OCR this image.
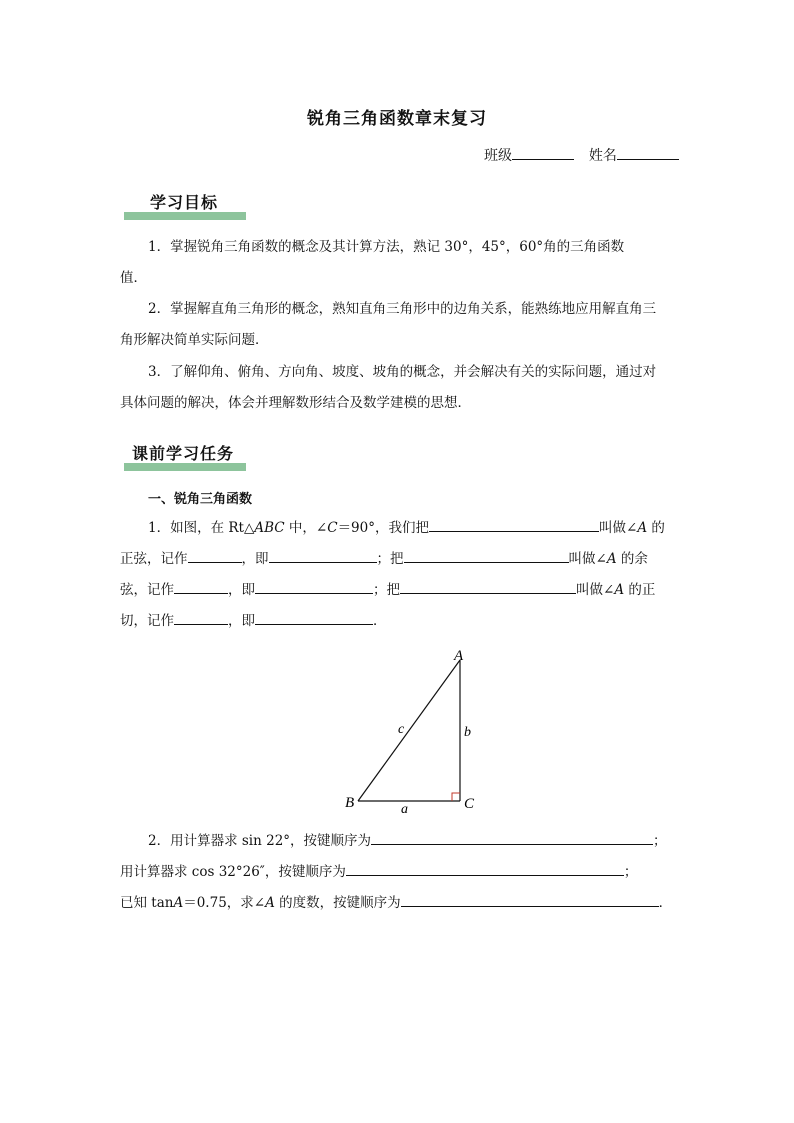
锐角三角函数章末复习
班级	姓名
学习目标
1．掌握锐角三角函数的概念及其计算方法，熟记 30°，45°，60°角的三角函数
值．
2．掌握解直角三角形的概念，熟知直角三角形中的边角关系，能熟练地应用解直角三
角形解决简单实际问题．
3．了解仰角、俯角、方向角、坡度、坡角的概念，并会解决有关的实际问题，通过对
具体问题的解决，体会并理解数形结合及数学建模的思想．
课前学习任务
一、锐角三角函数
1．如图，在 Rt△ABC 中，∠C＝90°，我们把	叫做∠A 的
正弦，记作	，即	；把	叫做∠A 的余
弦，记作	，即	；把	叫做∠A 的正
切，记作	，即	．
A
B	C
a
b
c
2．用计算器求 sin 22°，按键顺序为	；
用计算器求 cos 32°26″，按键顺序为	；
已知 tanA＝0.75，求∠A 的度数，按键顺序为	．
